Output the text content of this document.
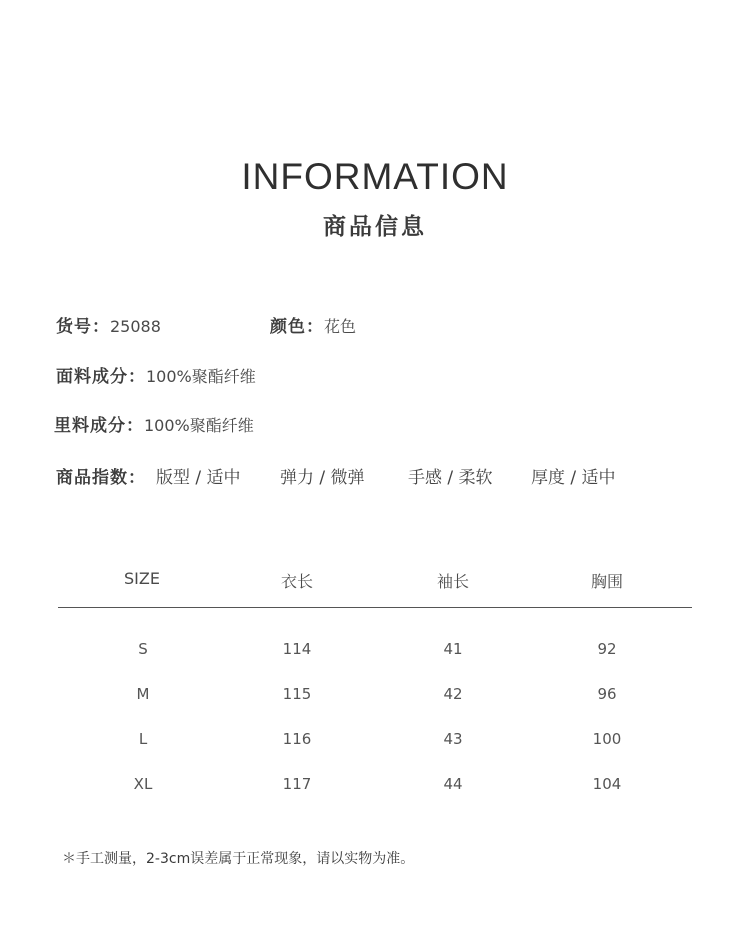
INFORMATION
商品信息
货号：25088	颜色：花色
面料成分：100%聚酯纤维
里料成分：100%聚酯纤维
商品指数： 版型 / 适中 弹力 / 微弹	手感 / 柔软 厚度 / 适中
SIZE	衣长	袖长	胸围
S	114	41	92
M	115	42	96
L	116	43	100
XL	117	44	104
＊手工测量，2-3cm误差属于正常现象，请以实物为准。
